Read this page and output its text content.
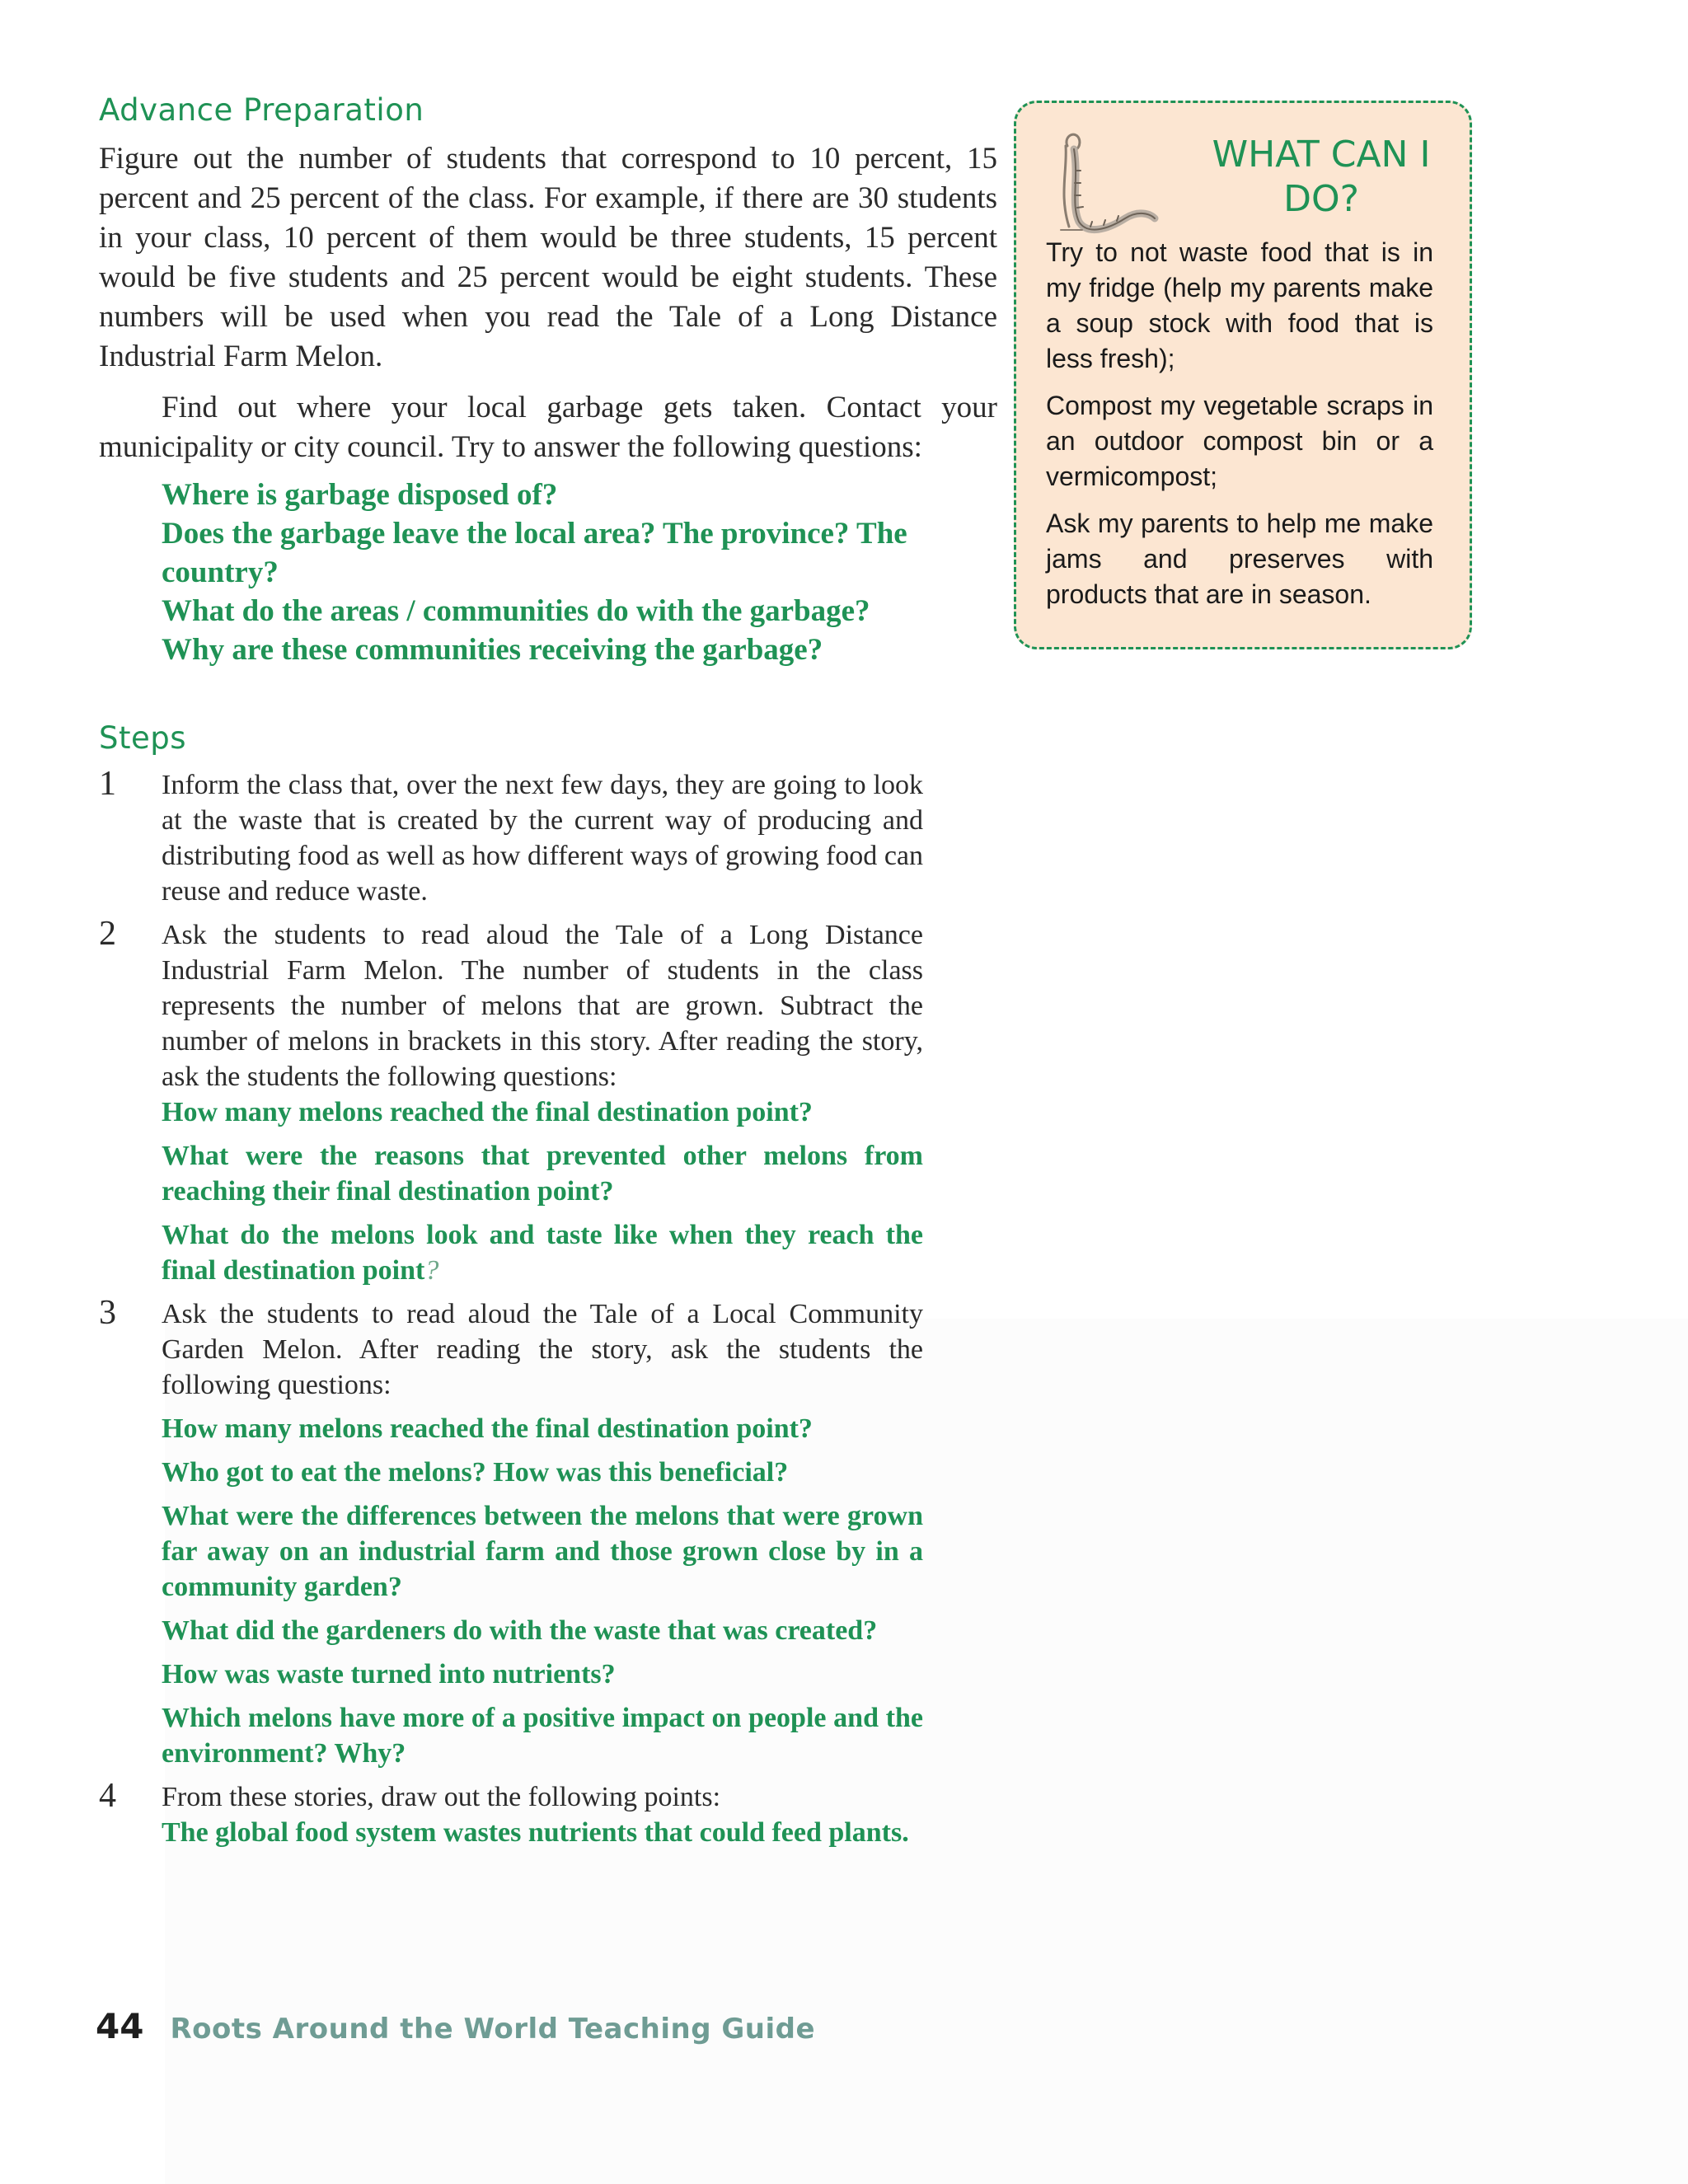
Advance Preparation

Figure out the number of students that correspond to 10 percent, 15 percent and 25 percent of the class. For example, if there are 30 students in your class, 10 percent of them would be three students, 15 percent would be five students and 25 percent would be eight students. These numbers will be used when you read the Tale of a Long Distance Industrial Farm Melon.

Find out where your local garbage gets taken. Contact your municipality or city council. Try to answer the following questions:

Where is garbage disposed of?

Does the garbage leave the local area? The province? The country?

What do the areas / communities do with the garbage?

Why are these communities receiving the garbage?

Steps
1 Inform the class that, over the next few days, they are going to look at the waste that is created by the current way of producing and distributing food as well as how different ways of growing food can reuse and reduce waste.

2 Ask the students to read aloud the Tale of a Long Distance Industrial Farm Melon. The number of students in the class represents the number of melons that are grown. Subtract the number of melons in brackets in this story. After reading the story, ask the students the following questions:

How many melons reached the final destination point?

What were the reasons that prevented other melons from reaching their final destination point?

What do the melons look and taste like when they reach the final destination point?

3 Ask the students to read aloud the Tale of a Local Community Garden Melon. After reading the story, ask the students the following questions:

How many melons reached the final destination point?

Who got to eat the melons? How was this beneficial?

What were the differences between the melons that were grown far away on an industrial farm and those grown close by in a community garden?

What did the gardeners do with the waste that was created?

How was waste turned into nutrients?

Which melons have more of a positive impact on people and the environment? Why?

4 From these stories, draw out the following points:

The global food system wastes nutrients that could feed plants.

44 Roots Around the World Teaching Guide
WHAT CAN I DO?

Try to not waste food that is in my fridge (help my parents make a soup stock with food that is less fresh);

Compost my vegetable scraps in an outdoor compost bin or a vermicompost;

Ask my parents to help me make jams and preserves with products that are in season.
